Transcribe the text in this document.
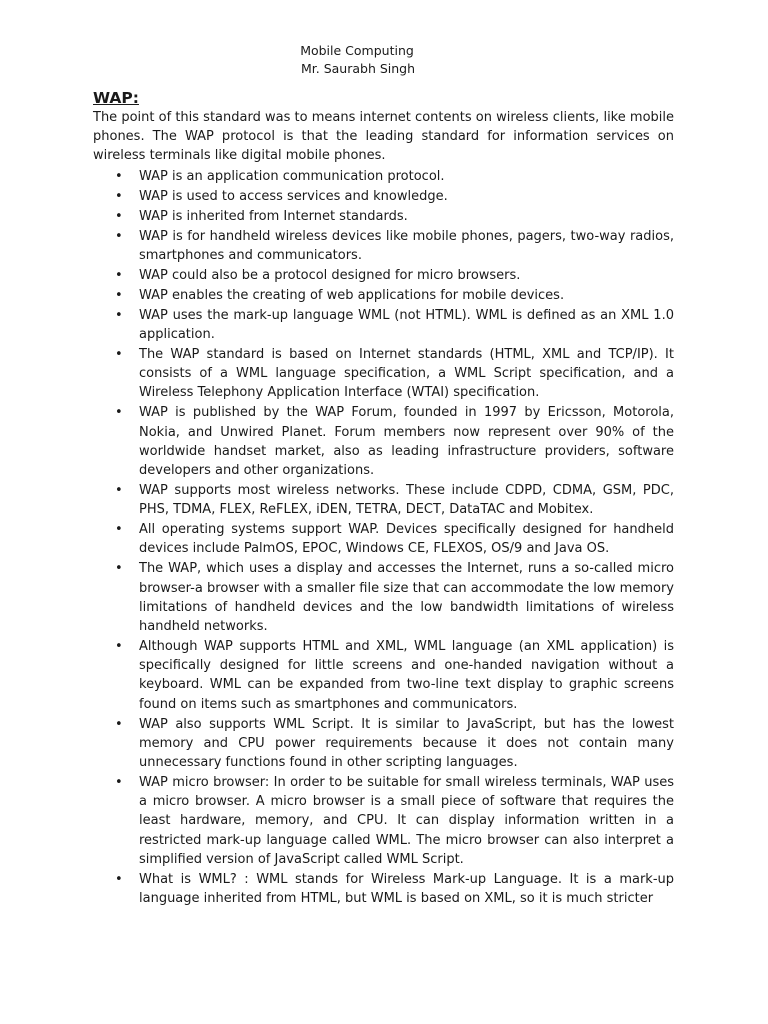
Mobile Computing
Mr. Saurabh Singh
WAP:

The point of this standard was to means internet contents on wireless clients, like mobile phones. The WAP protocol is that the leading standard for information services on wireless terminals like digital mobile phones.

• WAP is an application communication protocol.
• WAP is used to access services and knowledge.
• WAP is inherited from Internet standards.
• WAP is for handheld wireless devices like mobile phones, pagers, two-way radios, smartphones and communicators.
• WAP could also be a protocol designed for micro browsers.
• WAP enables the creating of web applications for mobile devices.
• WAP uses the mark-up language WML (not HTML). WML is defined as an XML 1.0 application.
• The WAP standard is based on Internet standards (HTML, XML and TCP/IP). It consists of a WML language specification, a WML Script specification, and a Wireless Telephony Application Interface (WTAI) specification.
• WAP is published by the WAP Forum, founded in 1997 by Ericsson, Motorola, Nokia, and Unwired Planet. Forum members now represent over 90% of the worldwide handset market, also as leading infrastructure providers, software developers and other organizations.
• WAP supports most wireless networks. These include CDPD, CDMA, GSM, PDC, PHS, TDMA, FLEX, ReFLEX, iDEN, TETRA, DECT, DataTAC and Mobitex.
• All operating systems support WAP. Devices specifically designed for handheld devices include PalmOS, EPOC, Windows CE, FLEXOS, OS/9 and Java OS.
• The WAP, which uses a display and accesses the Internet, runs a so-called micro browser-a browser with a smaller file size that can accommodate the low memory limitations of handheld devices and the low bandwidth limitations of wireless handheld networks.
• Although WAP supports HTML and XML, WML language (an XML application) is specifically designed for little screens and one-handed navigation without a keyboard. WML can be expanded from two-line text display to graphic screens found on items such as smartphones and communicators.
• WAP also supports WML Script. It is similar to JavaScript, but has the lowest memory and CPU power requirements because it does not contain many unnecessary functions found in other scripting languages.
• WAP micro browser: In order to be suitable for small wireless terminals, WAP uses a micro browser. A micro browser is a small piece of software that requires the least hardware, memory, and CPU. It can display information written in a restricted mark-up language called WML. The micro browser can also interpret a simplified version of JavaScript called WML Script.
• What is WML? : WML stands for Wireless Mark-up Language. It is a mark-up language inherited from HTML, but WML is based on XML, so it is much stricter
